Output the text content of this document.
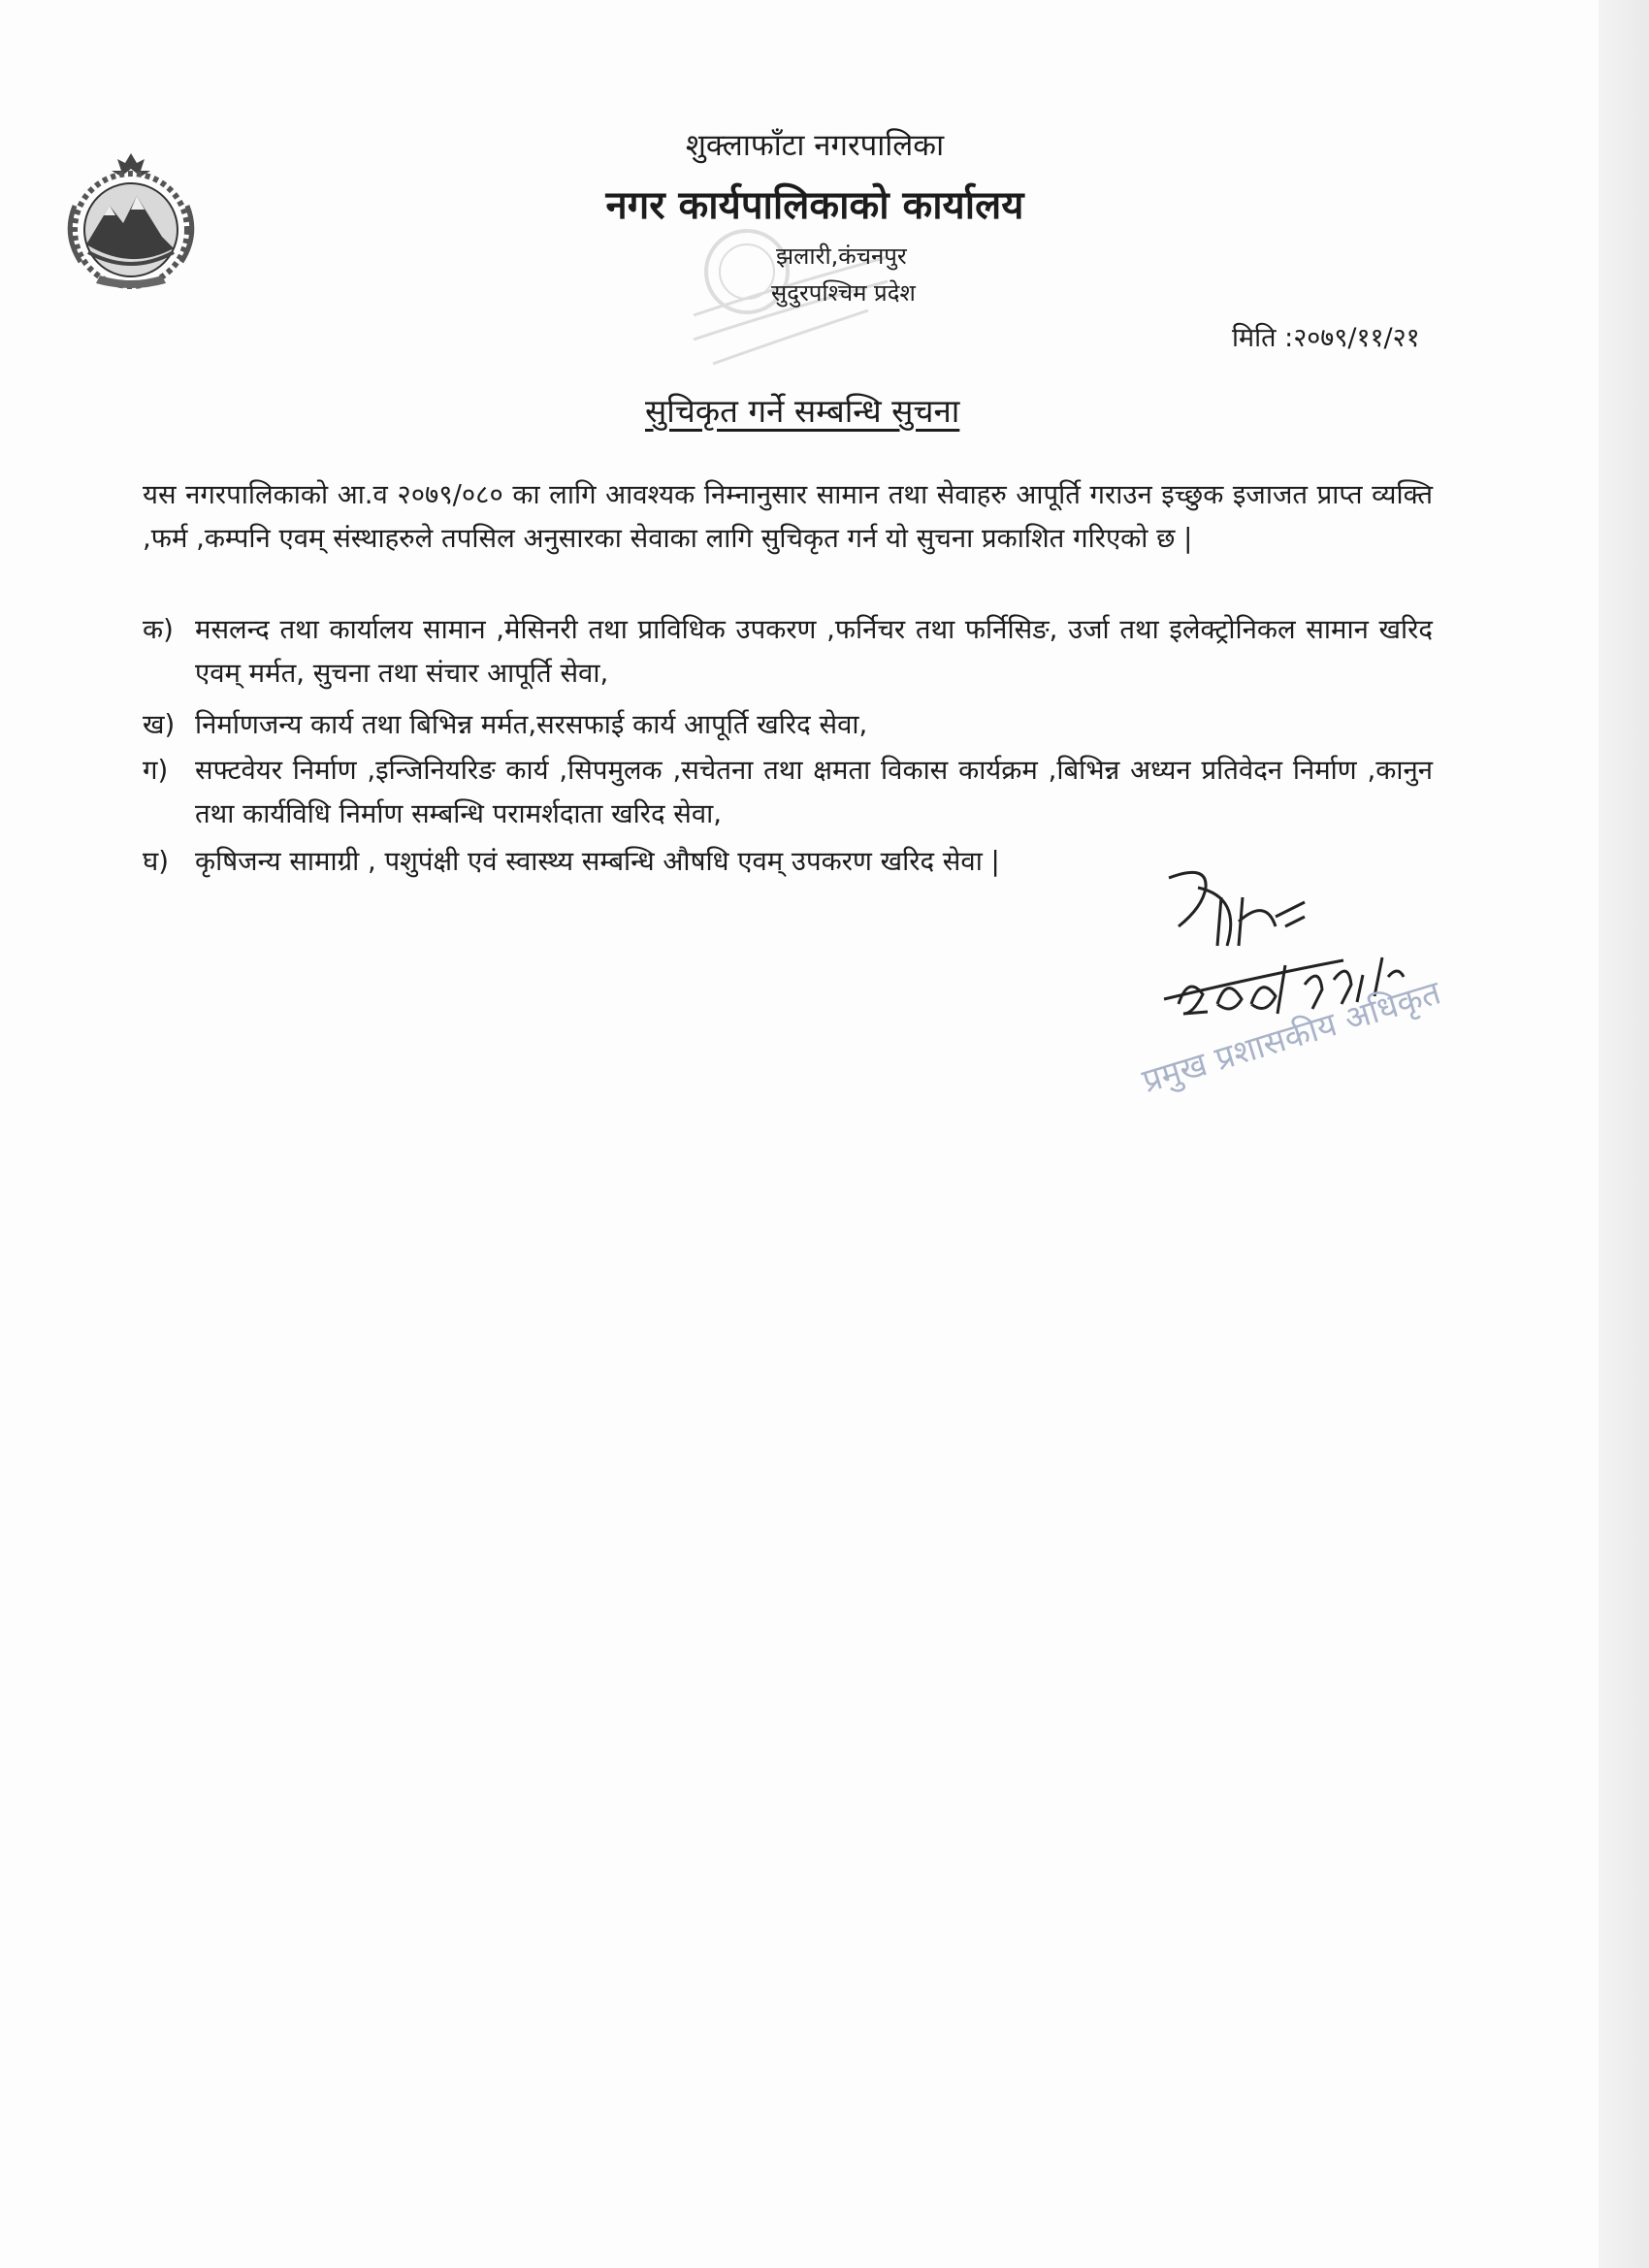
शुक्लाफाँटा नगरपालिका
नगर कार्यपालिकाको कार्यालय
झलारी,कंचनपुर
सुदुरपश्चिम प्रदेश
मिति :२०७९/११/२१
सुचिकृत गर्ने सम्बन्धि सुचना
यस नगरपालिकाको आ.व २०७९/०८० का लागि आवश्यक निम्नानुसार सामान तथा सेवाहरु आपूर्ति गराउन इच्छुक इजाजत प्राप्त व्यक्ति ,फर्म ,कम्पनि एवम् संस्थाहरुले तपसिल अनुसारका सेवाका लागि सुचिकृत गर्न यो सुचना प्रकाशित गरिएको छ |
क) मसलन्द तथा कार्यालय सामान ,मेसिनरी तथा प्राविधिक उपकरण ,फर्निचर तथा फर्निसिङ, उर्जा तथा इलेक्ट्रोनिकल सामान खरिद एवम् मर्मत, सुचना तथा संचार आपूर्ति सेवा,
ख) निर्माणजन्य कार्य तथा बिभिन्न मर्मत,सरसफाई कार्य आपूर्ति खरिद सेवा,
ग) सफ्टवेयर निर्माण ,इन्जिनियरिङ कार्य ,सिपमुलक ,सचेतना तथा क्षमता विकास कार्यक्रम ,बिभिन्न अध्यन प्रतिवेदन निर्माण ,कानुन तथा कार्यविधि निर्माण सम्बन्धि परामर्शदाता खरिद सेवा,
घ) कृषिजन्य सामाग्री , पशुपंक्षी एवं स्वास्थ्य सम्बन्धि औषधि एवम् उपकरण खरिद सेवा |
प्रमुख प्रशासकीय अधिकृत
